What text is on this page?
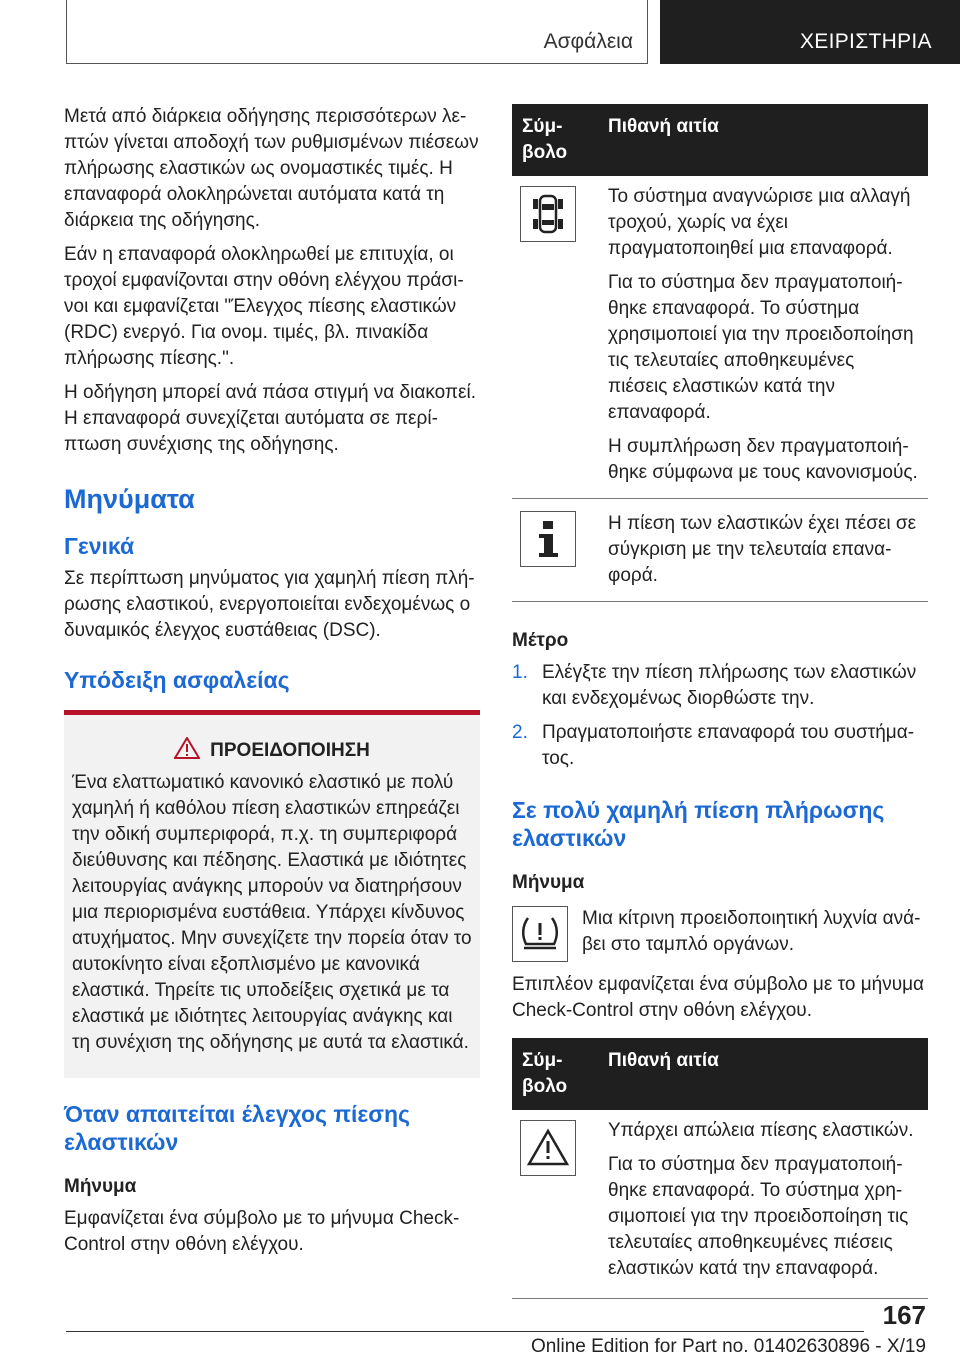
Ασφάλεια	ΧΕΙΡΙΣΤΗΡΙΑ

Μετά από διάρκεια οδήγησης περισσότερων λεπτών γίνεται αποδοχή των ρυθμισμένων πιέσεων πλήρωσης ελαστικών ως ονομαστικές τιμές. Η επαναφορά ολοκληρώνεται αυτόματα κατά τη διάρκεια της οδήγησης.

Εάν η επαναφορά ολοκληρωθεί με επιτυχία, οι τροχοί εμφανίζονται στην οθόνη ελέγχου πράσινοι και εμφανίζεται "Έλεγχος πίεσης ελαστικών (RDC) ενεργό. Για ονομ. τιμές, βλ. πινακίδα πλήρωσης πίεσης.".

Η οδήγηση μπορεί ανά πάσα στιγμή να διακοπεί. Η επαναφορά συνεχίζεται αυτόματα σε περίπτωση συνέχισης της οδήγησης.

Μηνύματα
Γενικά

Σε περίπτωση μηνύματος για χαμηλή πίεση πλήρωσης ελαστικού, ενεργοποιείται ενδεχομένως ο δυναμικός έλεγχος ευστάθειας (DSC).

Υπόδειξη ασφαλείας
ΠΡΟΕΙΔΟΠΟΙΗΣΗ
Ένα ελαττωματικό κανονικό ελαστικό με πολύ χαμηλή ή καθόλου πίεση ελαστικών επηρεάζει την οδική συμπεριφορά, π.χ. τη συμπεριφορά διεύθυνσης και πέδησης. Ελαστικά με ιδιότητες λειτουργίας ανάγκης μπορούν να διατηρήσουν μια περιορισμένα ευστάθεια. Υπάρχει κίνδυνος ατυχήματος. Μην συνεχίζετε την πορεία όταν το αυτοκίνητο είναι εξοπλισμένο με κανονικά ελαστικά. Τηρείτε τις υποδείξεις σχετικά με τα ελαστικά με ιδιότητες λειτουργίας ανάγκης και τη συνέχιση της οδήγησης με αυτά τα ελαστικά.
Όταν απαιτείται έλεγχος πίεσης ελαστικών
Μήνυμα

Εμφανίζεται ένα σύμβολο με το μήνυμα Check-Control στην οθόνη ελέγχου.

Σύμβολο	Πιθανή αιτία

Το σύστημα αναγνώρισε μια αλλαγή τροχού, χωρίς να έχει πραγματοποιηθεί μια επαναφορά.

Για το σύστημα δεν πραγματοποιήθηκε επαναφορά. Το σύστημα χρησιμοποιεί για την προειδοποίηση τις τελευταίες αποθηκευμένες πιέσεις ελαστικών κατά την επαναφορά.

Η συμπλήρωση δεν πραγματοποιήθηκε σύμφωνα με τους κανονισμούς.

Η πίεση των ελαστικών έχει πέσει σε σύγκριση με την τελευταία επαναφορά.

Μέτρο
1. Ελέγξτε την πίεση πλήρωσης των ελαστικών και ενδεχομένως διορθώστε την.
2. Πραγματοποιήστε επαναφορά του συστήματος.
Σε πολύ χαμηλή πίεση πλήρωσης ελαστικών
Μήνυμα
Μια κίτρινη προειδοποιητική λυχνία ανάβει στο ταμπλό οργάνων.

Επιπλέον εμφανίζεται ένα σύμβολο με το μήνυμα Check-Control στην οθόνη ελέγχου.

Σύμβολο	Πιθανή αιτία

Υπάρχει απώλεια πίεσης ελαστικών.

Για το σύστημα δεν πραγματοποιήθηκε επαναφορά. Το σύστημα χρησιμοποιεί για την προειδοποίηση τις τελευταίες αποθηκευμένες πιέσεις ελαστικών κατά την επαναφορά.

167
Online Edition for Part no. 01402630896 - X/19
